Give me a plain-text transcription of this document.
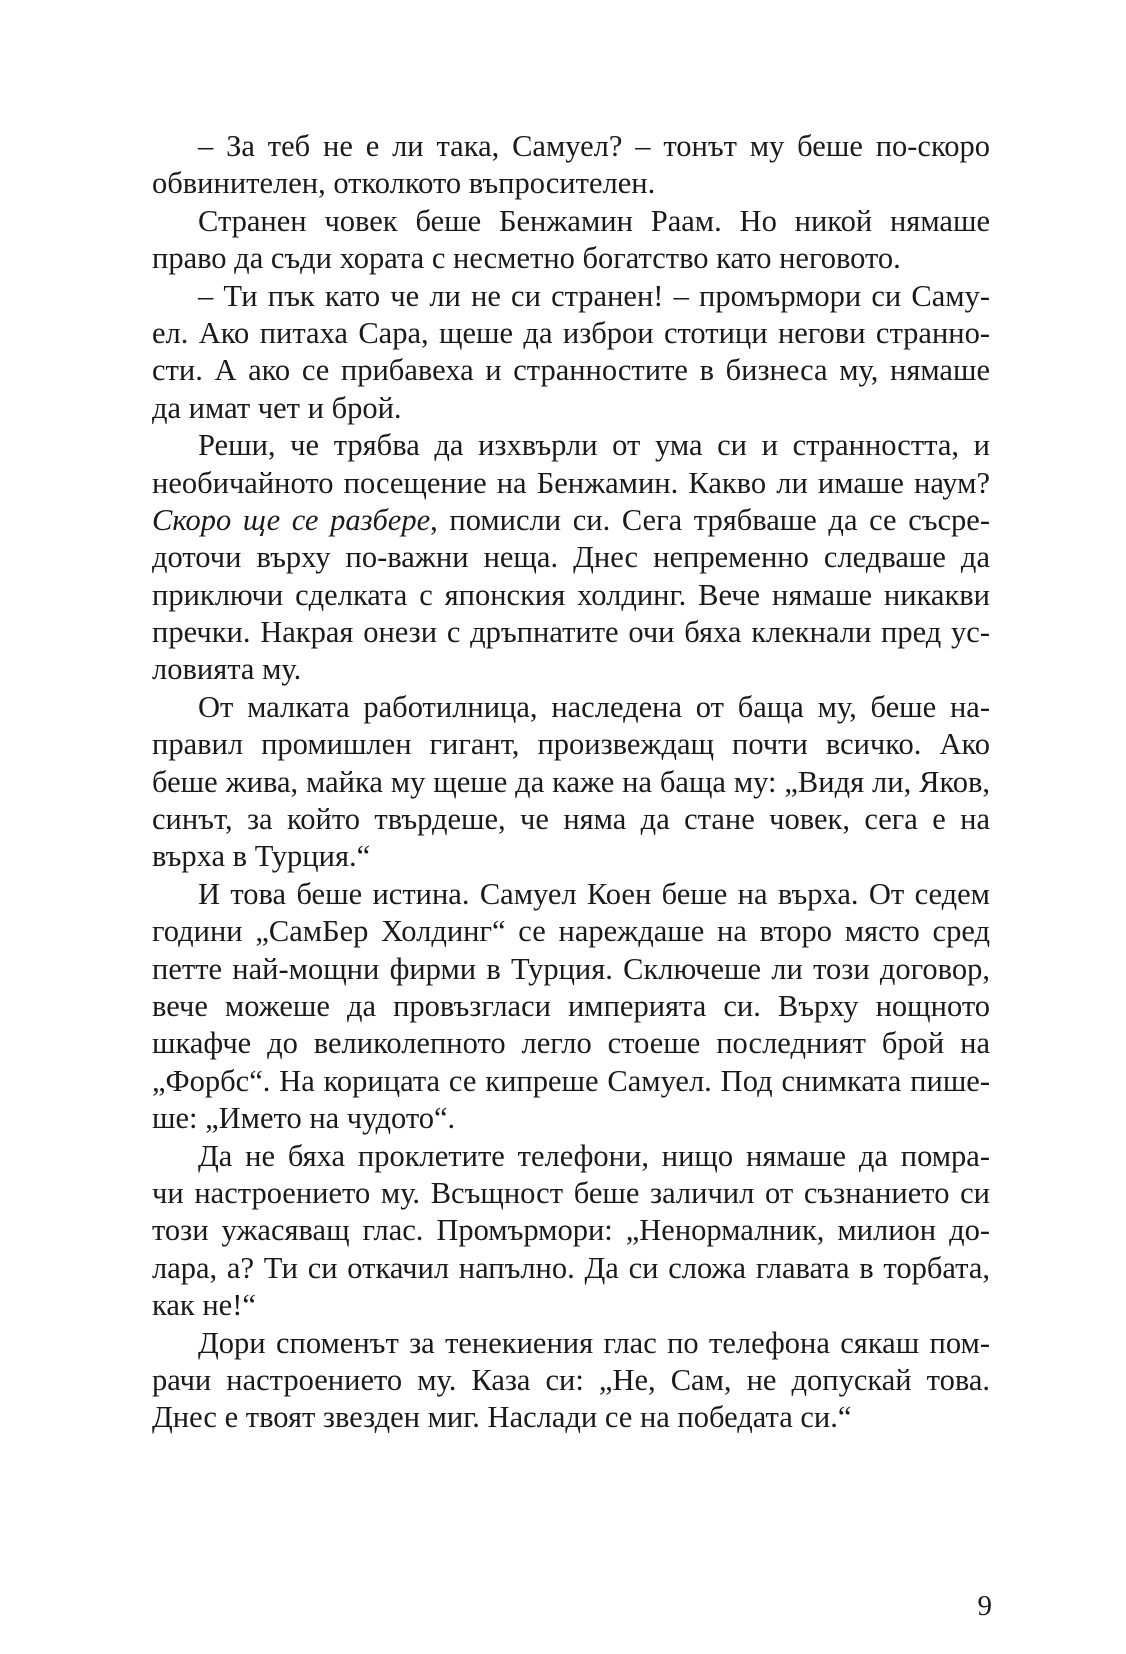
– За теб не е ли така, Самуел? – тонът му беше по-скоро
обвинителен, отколкото въпросителен.
Странен човек беше Бенжамин Раам. Но никой нямаше
право да съди хората с несметно богатство като неговото.
– Ти пък като че ли не си странен! – промърмори си Саму-
ел. Ако питаха Сара, щеше да изброи стотици негови странно-
сти. А ако се прибавеха и странностите в бизнеса му, нямаше
да имат чет и брой.
Реши, че трябва да изхвърли от ума си и странността, и
необичайното посещение на Бенжамин. Какво ли имаше наум?
Скоро ще се разбере, помисли си. Сега трябваше да се съсре-
доточи върху по-важни неща. Днес непременно следваше да
приключи сделката с японския холдинг. Вече нямаше никакви
пречки. Накрая онези с дръпнатите очи бяха клекнали пред ус-
ловията му.
От малката работилница, наследена от баща му, беше на-
правил промишлен гигант, произвеждащ почти всичко. Ако
беше жива, майка му щеше да каже на баща му: „Видя ли, Яков,
синът, за който твърдеше, че няма да стане човек, сега е на
върха в Турция.“
И това беше истина. Самуел Коен беше на върха. От седем
години „СамБер Холдинг“ се нареждаше на второ място сред
петте най-мощни фирми в Турция. Сключеше ли този договор,
вече можеше да провъзгласи империята си. Върху нощното
шкафче до великолепното легло стоеше последният брой на
„Форбс“. На корицата се кипреше Самуел. Под снимката пише-
ше: „Името на чудото“.
Да не бяха проклетите телефони, нищо нямаше да помра-
чи настроението му. Всъщност беше заличил от съзнанието си
този ужасяващ глас. Промърмори: „Ненормалник, милион до-
лара, а? Ти си откачил напълно. Да си сложа главата в торбата,
как не!“
Дори споменът за тенекиения глас по телефона сякаш пом-
рачи настроението му. Каза си: „Не, Сам, не допускай това.
Днес е твоят звезден миг. Наслади се на победата си.“
9
